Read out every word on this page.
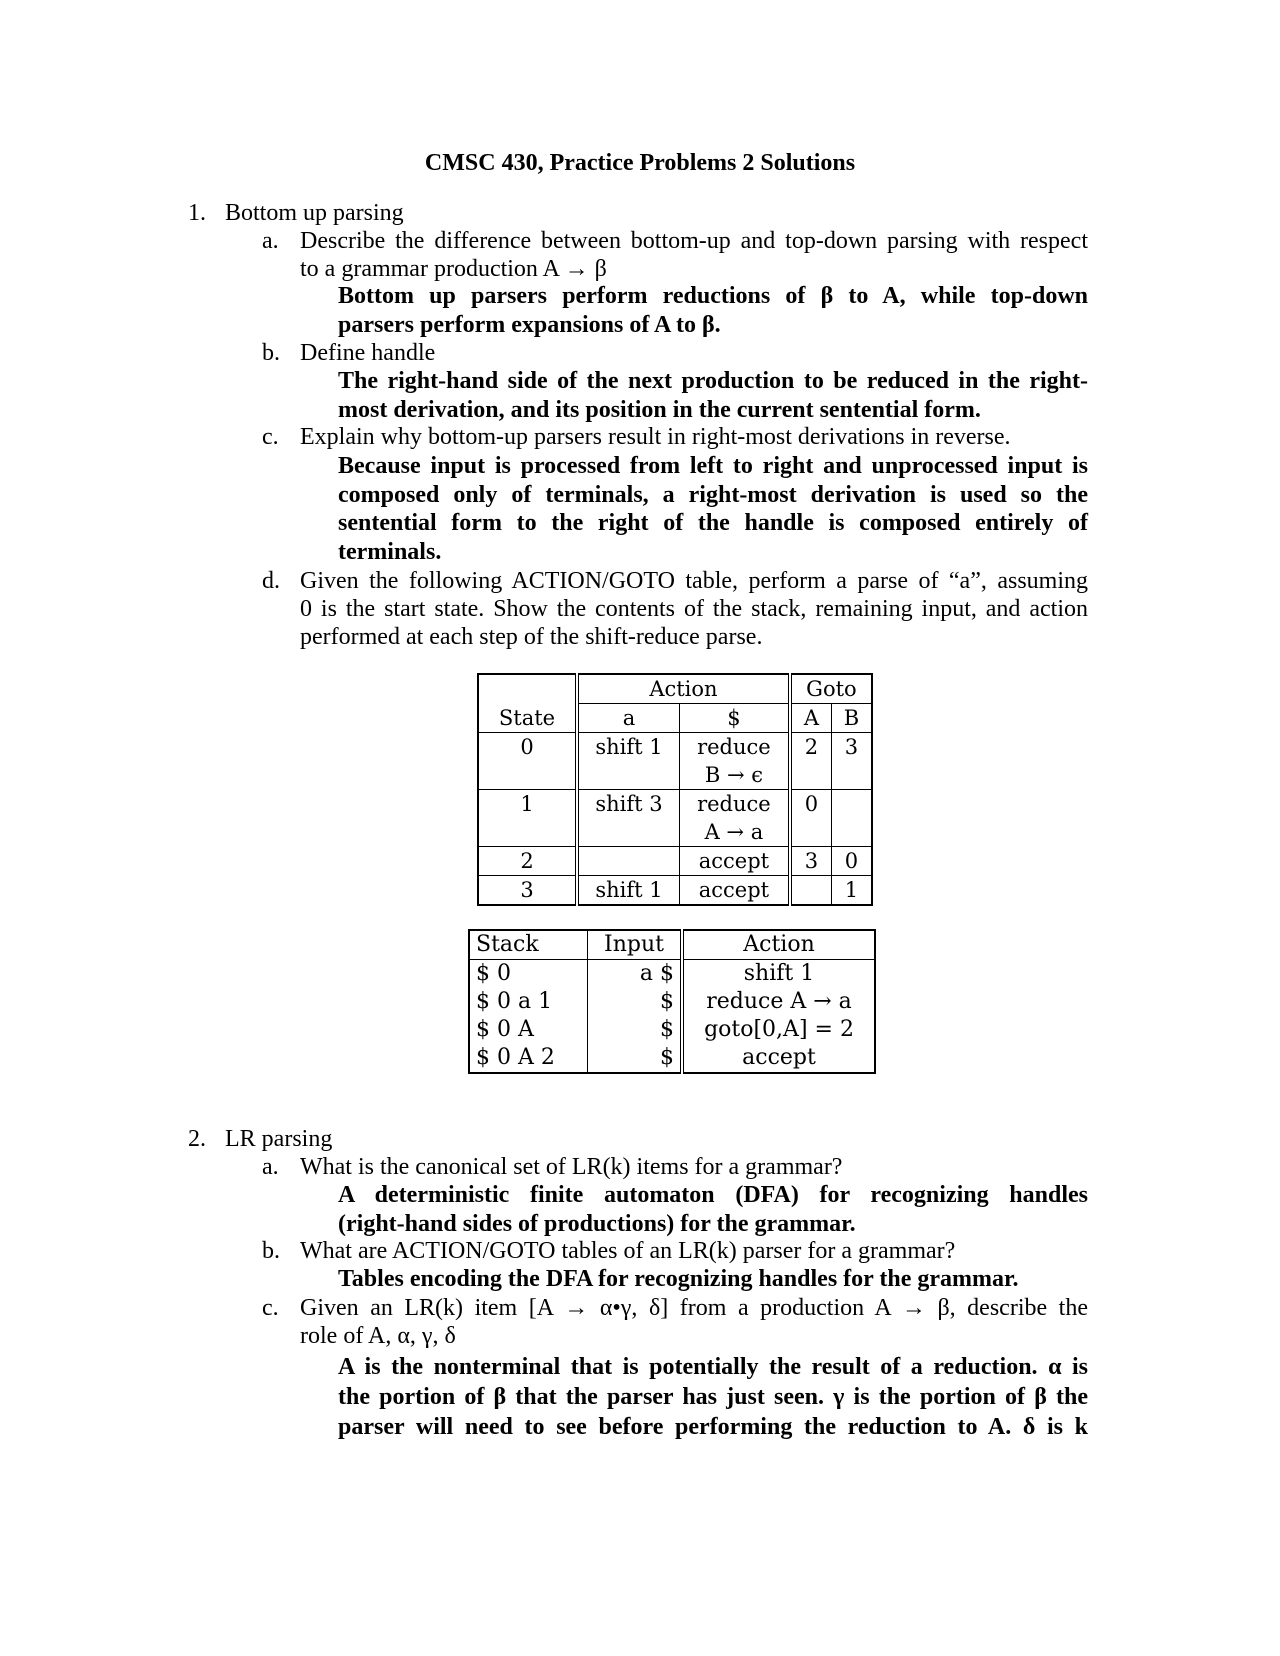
CMSC 430, Practice Problems 2 Solutions
1. Bottom up parsing
a. Describe the difference between bottom-up and top-down parsing with respect
to a grammar production A → β
Bottom up parsers perform reductions of β to A, while top-down
parsers perform expansions of A to β.
b. Define handle
The right-hand side of the next production to be reduced in the right-
most derivation, and its position in the current sentential form.
c. Explain why bottom-up parsers result in right-most derivations in reverse.
Because input is processed from left to right and unprocessed input is
composed only of terminals, a right-most derivation is used so the
sentential form to the right of the handle is composed entirely of
terminals.
d. Given the following ACTION/GOTO table, perform a parse of “a”, assuming
0 is the start state. Show the contents of the stack, remaining input, and action
performed at each step of the shift-reduce parse.
	Action		Goto	
State	a	$	A	B
0	shift 1	reduce	2	3
		B → ϵ		
1	shift 3	reduce	0	
		A → a		
2		accept	3	0
3	shift 1	accept		1
Stack	Input	Action
$ 0	a $	shift 1
$ 0 a 1	$	reduce A → a
$ 0 A	$	goto[0,A] = 2
$ 0 A 2	$	accept
2. LR parsing
a. What is the canonical set of LR(k) items for a grammar?
A deterministic finite automaton (DFA) for recognizing handles
(right-hand sides of productions) for the grammar.
b. What are ACTION/GOTO tables of an LR(k) parser for a grammar?
Tables encoding the DFA for recognizing handles for the grammar.
c. Given an LR(k) item [A → α•γ, δ] from a production A → β, describe the
role of A, α, γ, δ
A is the nonterminal that is potentially the result of a reduction. α is
the portion of β that the parser has just seen. γ is the portion of β the
parser will need to see before performing the reduction to A. δ is k
